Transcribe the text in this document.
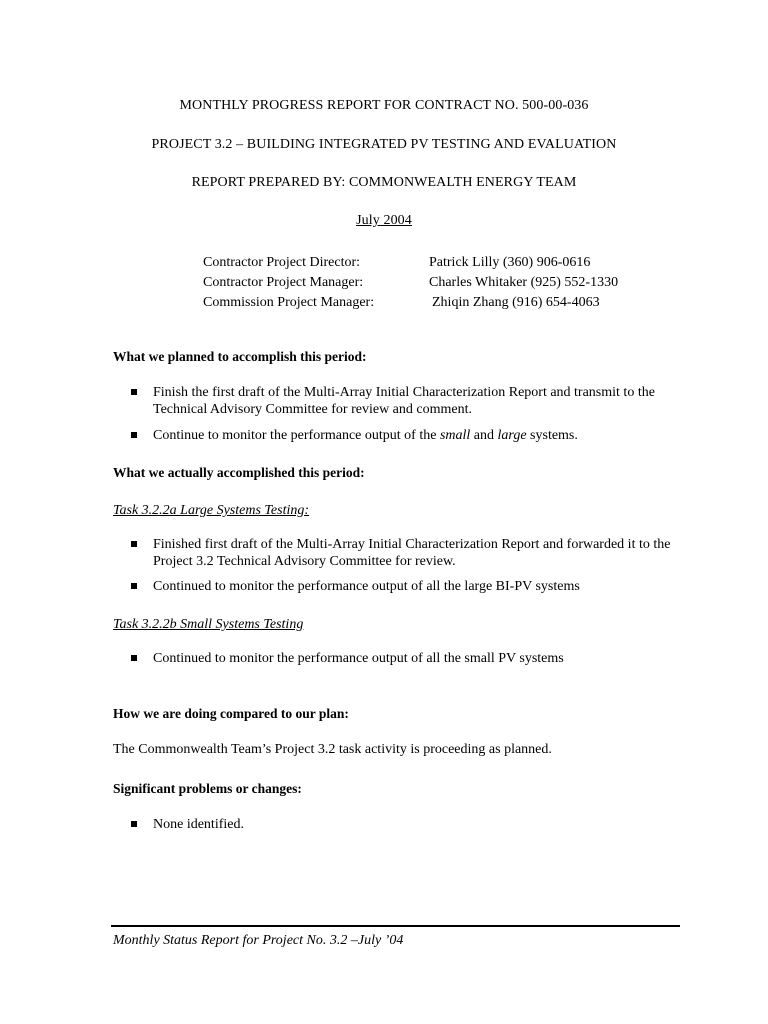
MONTHLY PROGRESS REPORT FOR CONTRACT NO. 500-00-036
PROJECT 3.2 – BUILDING INTEGRATED PV TESTING AND EVALUATION
REPORT PREPARED BY: COMMONWEALTH ENERGY TEAM
July 2004
Contractor Project Director:	Patrick Lilly (360) 906-0616
Contractor Project Manager:	Charles Whitaker (925) 552-1330
Commission Project Manager:	Zhiqin Zhang (916) 654-4063
What we planned to accomplish this period:
Finish the first draft of the Multi-Array Initial Characterization Report and transmit to the Technical Advisory Committee for review and comment.
Continue to monitor the performance output of the small and large systems.
What we actually accomplished this period:
Task 3.2.2a Large Systems Testing:
Finished first draft of the Multi-Array Initial Characterization Report and forwarded it to the Project 3.2 Technical Advisory Committee for review.
Continued to monitor the performance output of all the large BI-PV systems
Task 3.2.2b Small Systems Testing
Continued to monitor the performance output of all the small PV systems
How we are doing compared to our plan:
The Commonwealth Team’s Project 3.2 task activity is proceeding as planned.
Significant problems or changes:
None identified.
Monthly Status Report for Project No. 3.2 –July ’04
